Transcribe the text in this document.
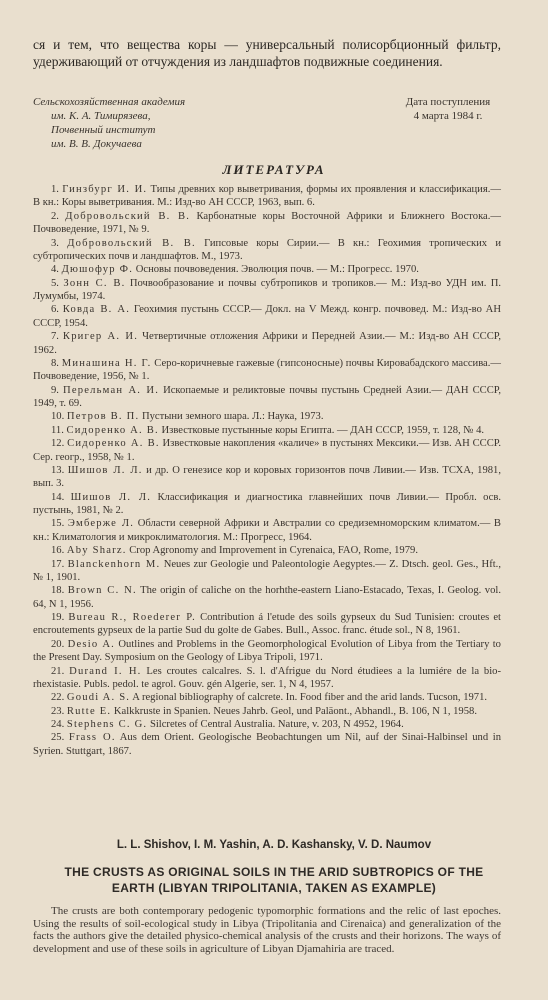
ся и тем, что вещества коры — универсальный полисорбционный фильтр, удерживающий от отчуждения из ландшафтов подвижные соединения.

Сельскохозяйственная академия
им. К. А. Тимирязева,
Почвенный институт
им. В. В. Докучаева
Дата поступления
4 марта 1984 г.
ЛИТЕРАТУРА

1. Гинзбург И. И. Типы древних кор выветривания, формы их проявления и классификация.— В кн.: Коры выветривания. М.: Изд-во АН СССР, 1963, вып. 6.

2. Добровольский В. В. Карбонатные коры Восточной Африки и Ближнего Востока.— Почвоведение, 1971, № 9.

3. Добровольский В. В. Гипсовые коры Сирии.— В кн.: Геохимия тропических и субтропических почв и ландшафтов. М., 1973.

4. Дюшофур Ф. Основы почвоведения. Эволюция почв. — М.: Прогресс. 1970.

5. Зонн С. В. Почвообразование и почвы субтропиков и тропиков.— М.: Изд-во УДН им. П. Лумумбы, 1974.

6. Ковда В. А. Геохимия пустынь СССР.— Докл. на V Межд. конгр. почвовед. М.: Изд-во АН СССР, 1954.

7. Кригер А. И. Четвертичные отложения Африки и Передней Азии.— М.: Изд-во АН СССР, 1962.

8. Минашина Н. Г. Серо-коричневые гажевые (гипсоносные) почвы Кировабадского массива.— Почвоведение, 1956, № 1.

9. Перельман А. И. Ископаемые и реликтовые почвы пустынь Средней Азии.— ДАН СССР, 1949, т. 69.

10. Петров В. П. Пустыни земного шара. Л.: Наука, 1973.

11. Сидоренко А. В. Известковые пустынные коры Египта. — ДАН СССР, 1959, т. 128, № 4.

12. Сидоренко А. В. Известковые накопления «каличе» в пустынях Мексики.— Изв. АН СССР. Сер. геогр., 1958, № 1.

13. Шишов Л. Л. и др. О генезисе кор и коровых горизонтов почв Ливии.— Изв. ТСХА, 1981, вып. 3.

14. Шишов Л. Л. Классификация и диагностика главнейших почв Ливии.— Пробл. осв. пустынь, 1981, № 2.

15. Эмберже Л. Области северной Африки и Австралии со средиземноморским климатом.— В кн.: Климатология и микроклиматология. М.: Прогресс, 1964.

16. Aby Sharz. Crop Agronomy and Improvement in Cyrenaica, FAO, Rome, 1979.

17. Blanckenhorn M. Neues zur Geologie und Paleontologie Aegyptes.— Z. Dtsch. geol. Ges., Hft., № 1, 1901.

18. Brown C. N. The origin of caliche on the horhthe-eastern Liano-Estacado, Texas, I. Geolog. vol. 64, N 1, 1956.

19. Bureau R., Roederer P. Contribution á l'etude des soils gypseux du Sud Tunisien: croutes et encroutements gypseux de la partie Sud du golte de Gabes. Bull., Assoc. franc. étude sol., N 8, 1961.

20. Desio A. Outlines and Problems in the Geomorphological Evolution of Libya from the Tertiary to the Present Day. Symposium on the Geology of Libya Tripoli, 1971.

21. Durand I. H. Les croutes calcalres. S. l. d'Afrigue du Nord étudiees a la lumiére de la bio-rhexistasie. Publs. pedol. te agrol. Gouv. gén Algerie, ser. 1, N 4, 1957.

22. Goudi A. S. A regional bibliography of calcrete. In. Food fiber and the arid lands. Tucson, 1971.

23. Rutte E. Kalkkruste in Spanien. Neues Jahrb. Geol, und Paläont., Abhandl., B. 106, N 1, 1958.

24. Stephens C. G. Silcretes of Central Australia. Nature, v. 203, N 4952, 1964.

25. Frass O. Aus dem Orient. Geologische Beobachtungen um Nil, auf der Sinai-Halbinsel und in Syrien. Stuttgart, 1867.

L. L. Shishov, I. M. Yashin, A. D. Kashansky, V. D. Naumov
THE CRUSTS AS ORIGINAL SOILS IN THE ARID SUBTROPICS OF THE EARTH (LIBYAN TRIPOLITANIA, TAKEN AS EXAMPLE)

The crusts are both contemporary pedogenic typomorphic formations and the relic of last epoches. Using the results of soil-ecological study in Libya (Tripolitania and Cirenaica) and generalization of the facts the authors give the detailed physico-chemical analysis of the crusts and their horizons. The ways of development and use of these soils in agriculture of Libyan Djamahiria are traced.
